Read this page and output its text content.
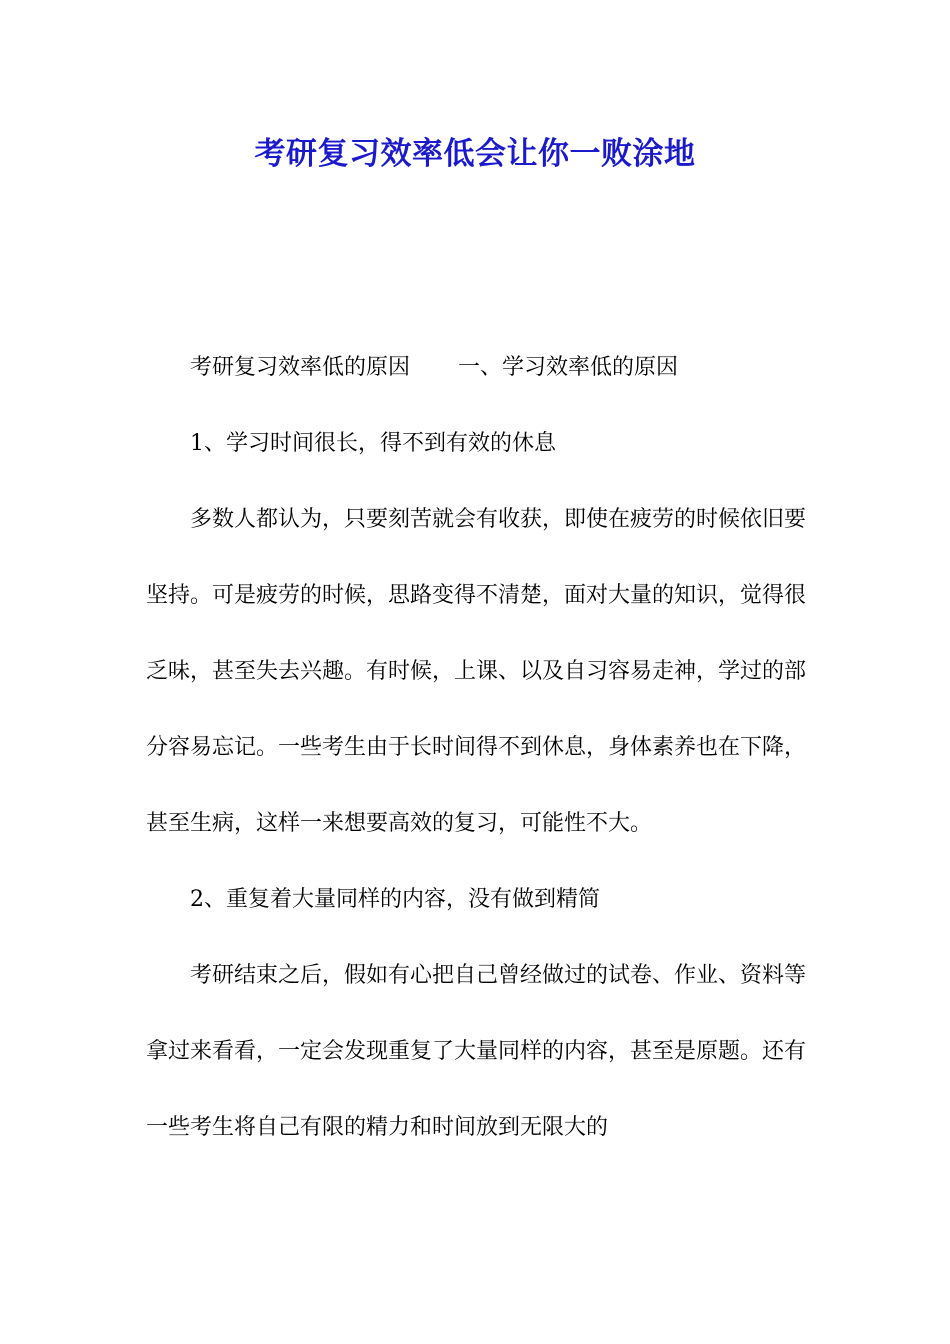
考研复习效率低会让你一败涂地

考研复习效率低的原因 一、学习效率低的原因

1、学习时间很长，得不到有效的休息

多数人都认为，只要刻苦就会有收获，即使在疲劳的时候依旧要坚持。可是疲劳的时候，思路变得不清楚，面对大量的知识，觉得很乏味，甚至失去兴趣。有时候，上课、以及自习容易走神，学过的部分容易忘记。一些考生由于长时间得不到休息，身体素养也在下降，甚至生病，这样一来想要高效的复习，可能性不大。

2、重复着大量同样的内容，没有做到精简

考研结束之后，假如有心把自己曾经做过的试卷、作业、资料等拿过来看看，一定会发现重复了大量同样的内容，甚至是原题。还有一些考生将自己有限的精力和时间放到无限大的
